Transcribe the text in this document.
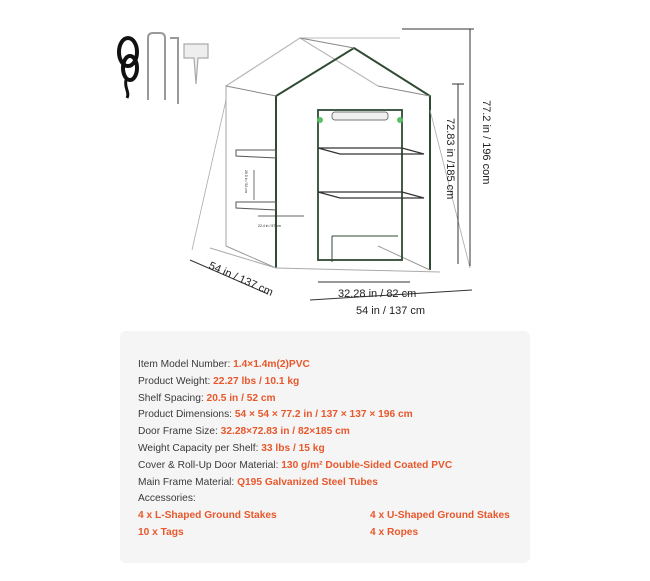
77.2 in / 196 com
72.83 in /185 cm
54 in / 137 cm	32.28 in / 82 cm
54 in / 137 cm
20.5 in / 52 cm
22.4 in / 57 cm
Item Model Number: 1.4×1.4m(2)PVC
Product Weight: 22.27 lbs / 10.1 kg
Shelf Spacing: 20.5 in / 52 cm
Product Dimensions: 54 × 54 × 77.2 in / 137 × 137 × 196 cm
Door Frame Size: 32.28×72.83 in / 82×185 cm
Weight Capacity per Shelf: 33 lbs / 15 kg
Cover & Roll-Up Door Material: 130 g/m² Double-Sided Coated PVC
Main Frame Material: Q195 Galvanized Steel Tubes
Accessories:
4 x L-Shaped Ground Stakes	4 x U-Shaped Ground Stakes
10 x Tags	4 x Ropes
